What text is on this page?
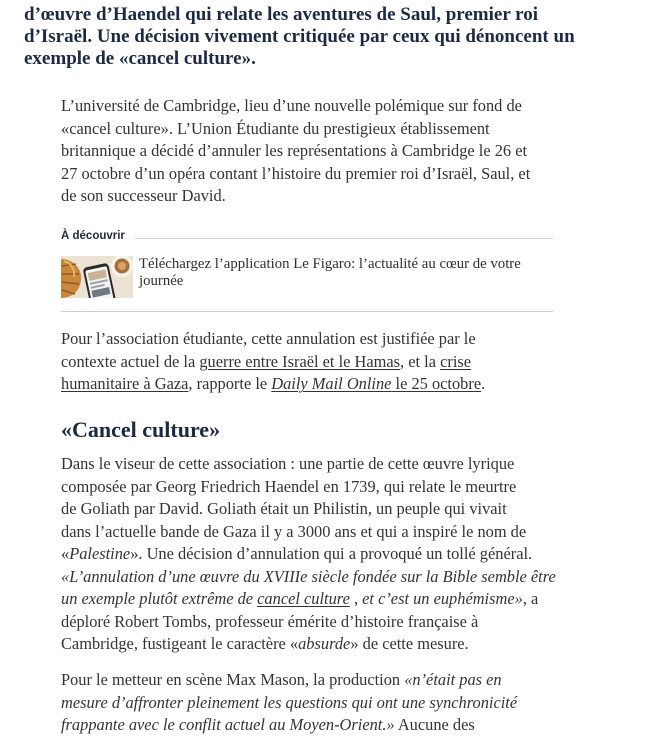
d’œuvre d’Haendel qui relate les aventures de Saul, premier roi
d’Israël. Une décision vivement critiquée par ceux qui dénoncent un
exemple de «cancel culture».
L’université de Cambridge, lieu d’une nouvelle polémique sur fond de
«cancel culture». L’Union Étudiante du prestigieux établissement
britannique a décidé d’annuler les représentations à Cambridge le 26 et
27 octobre d’un opéra contant l’histoire du premier roi d’Israël, Saul, et
de son successeur David.
À découvrir
Téléchargez l’application Le Figaro: l’actualité au cœur de votre
journée
Pour l’association étudiante, cette annulation est justifiée par le
contexte actuel de la guerre entre Israël et le Hamas, et la crise
humanitaire à Gaza, rapporte le Daily Mail Online le 25 octobre.
«Cancel culture»
Dans le viseur de cette association : une partie de cette œuvre lyrique
composée par Georg Friedrich Haendel en 1739, qui relate le meurtre
de Goliath par David. Goliath était un Philistin, un peuple qui vivait
dans l’actuelle bande de Gaza il y a 3000 ans et qui a inspiré le nom de
«Palestine». Une décision d’annulation qui a provoqué un tollé général.
«L’annulation d’une œuvre du XVIIIe siècle fondée sur la Bible semble être
un exemple plutôt extrême de cancel culture , et c’est un euphémisme», a
déploré Robert Tombs, professeur émérite d’histoire française à
Cambridge, fustigeant le caractère «absurde» de cette mesure.
Pour le metteur en scène Max Mason, la production «n’était pas en
mesure d’affronter pleinement les questions qui ont une synchronicité
frappante avec le conflit actuel au Moyen-Orient.» Aucune des
